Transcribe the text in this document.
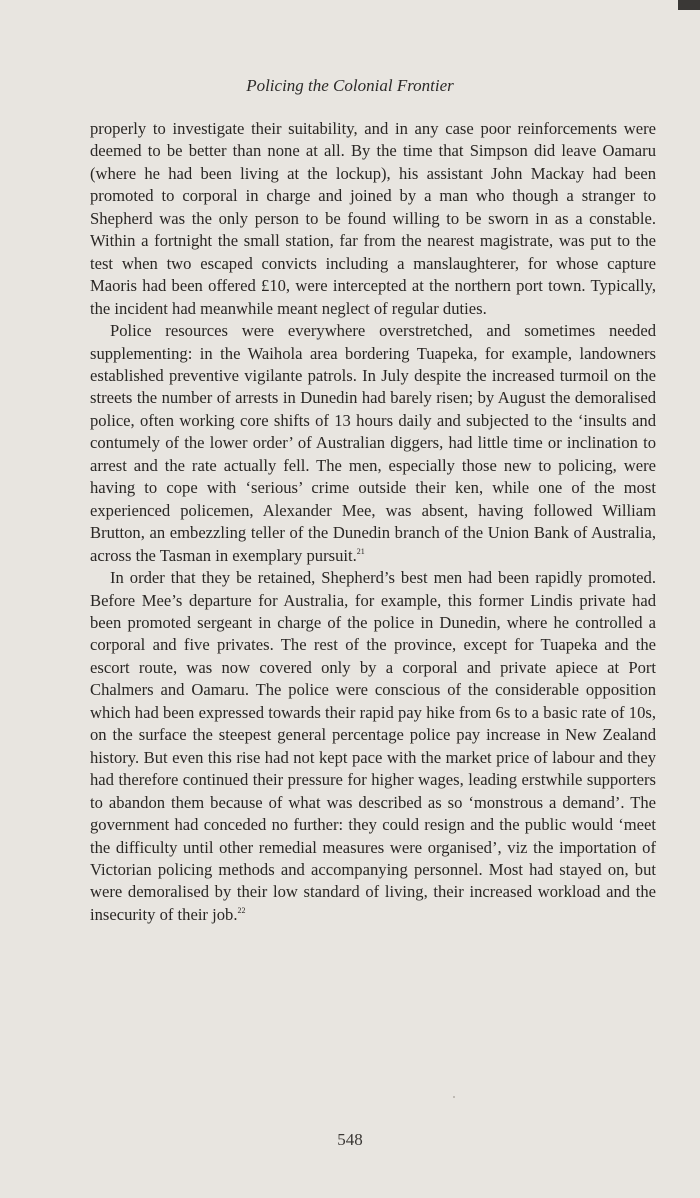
Policing the Colonial Frontier

properly to investigate their suitability, and in any case poor reinforcements were deemed to be better than none at all. By the time that Simpson did leave Oamaru (where he had been living at the lockup), his assistant John Mackay had been promoted to corporal in charge and joined by a man who though a stranger to Shepherd was the only person to be found willing to be sworn in as a constable. Within a fortnight the small station, far from the nearest magistrate, was put to the test when two escaped convicts including a manslaughterer, for whose capture Maoris had been offered £10, were intercepted at the northern port town. Typically, the incident had meanwhile meant neglect of regular duties.

Police resources were everywhere overstretched, and sometimes needed supplementing: in the Waihola area bordering Tuapeka, for example, landowners established preventive vigilante patrols. In July despite the increased turmoil on the streets the number of arrests in Dunedin had barely risen; by August the demoralised police, often working core shifts of 13 hours daily and subjected to the ‘insults and contumely of the lower order’ of Australian diggers, had little time or inclination to arrest and the rate actually fell. The men, especially those new to policing, were having to cope with ‘serious’ crime outside their ken, while one of the most experienced policemen, Alexander Mee, was absent, having followed William Brutton, an embezzling teller of the Dunedin branch of the Union Bank of Australia, across the Tasman in exemplary pursuit.$^{21}$

In order that they be retained, Shepherd’s best men had been rapidly promoted. Before Mee’s departure for Australia, for example, this former Lindis private had been promoted sergeant in charge of the police in Dunedin, where he controlled a corporal and five privates. The rest of the province, except for Tuapeka and the escort route, was now covered only by a corporal and private apiece at Port Chalmers and Oamaru. The police were conscious of the considerable opposition which had been expressed towards their rapid pay hike from 6s to a basic rate of 10s, on the surface the steepest general percentage police pay increase in New Zealand history. But even this rise had not kept pace with the market price of labour and they had therefore continued their pressure for higher wages, leading erstwhile supporters to abandon them because of what was described as so ‘monstrous a demand’. The government had conceded no further: they could resign and the public would ‘meet the difficulty until other remedial measures were organised’, viz the importation of Victorian policing methods and accompanying personnel. Most had stayed on, but were demoralised by their low standard of living, their increased workload and the insecurity of their job.$^{22}$

548
